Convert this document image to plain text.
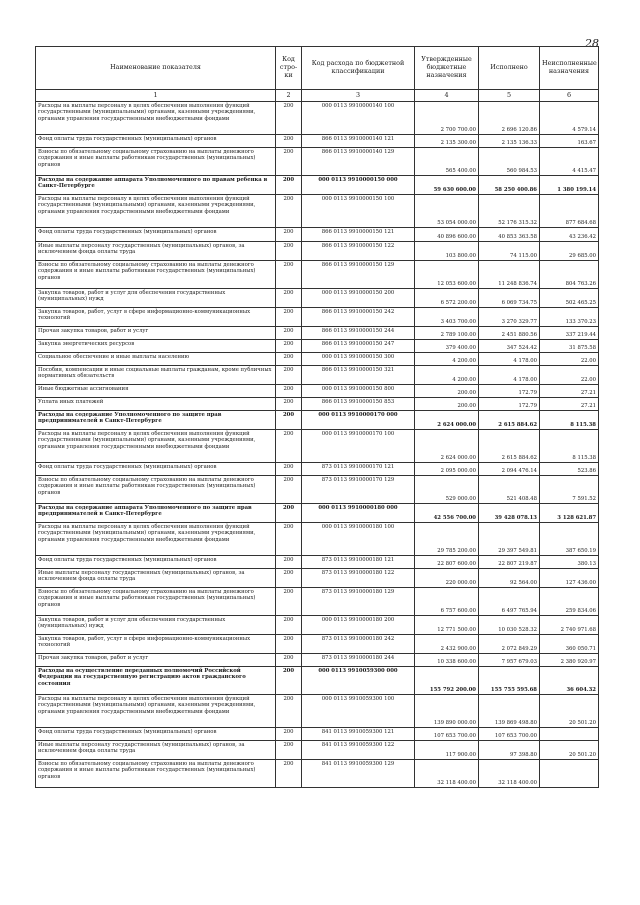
28
Наименование показателя	Код стро-ки	Код расхода по бюджетной классификации	Утвержденные бюджетные назначения	Исполнено	Неисполненные назначения
1	2	3	4	5	6
Расходы на выплаты персоналу в целях обеспечения выполнения функций государственными (муниципальными) органами, казенными учреждениями, органами управления государственными внебюджетными фондами	200	000 0113 9910000140 100	2 700 700.00	2 696 120.86	4 579.14
Фонд оплаты труда государственных (муниципальных) органов	200	866 0113 9910000140 121	2 135 300.00	2 135 136.33	163.67
Взносы по обязательному социальному страхованию на выплаты денежного содержания и иные выплаты работникам государственных (муниципальных) органов	200	866 0113 9910000140 129	565 400.00	560 984.53	4 415.47
Расходы на содержание аппарата Уполномоченного по правам ребенка в Санкт-Петербурге	200	000 0113 9910000150 000	59 630 600.00	58 250 400.86	1 380 199.14
Расходы на выплаты персоналу в целях обеспечения выполнения функций государственными (муниципальными) органами, казенными учреждениями, органами управления государственными внебюджетными фондами	200	000 0113 9910000150 100	53 054 000.00	52 176 315.32	877 684.68
Фонд оплаты труда государственных (муниципальных) органов	200	866 0113 9910000150 121	40 896 600.00	40 853 363.58	43 236.42
Иные выплаты персоналу государственных (муниципальных) органов, за исключением фонда оплаты труда	200	866 0113 9910000150 122	103 800.00	74 115.00	29 685.00
Взносы по обязательному социальному страхованию на выплаты денежного содержания и иные выплаты работникам государственных (муниципальных) органов	200	866 0113 9910000150 129	12 053 600.00	11 248 836.74	804 763.26
Закупка товаров, работ и услуг для обеспечения государственных (муниципальных) нужд	200	000 0113 9910000150 200	6 572 200.00	6 069 734.75	502 465.25
Закупка товаров, работ, услуг в сфере информационно-коммуникационных технологий	200	866 0113 9910000150 242	3 403 700.00	3 270 329.77	133 370.23
Прочая закупка товаров, работ и услуг	200	866 0113 9910000150 244	2 789 100.00	2 451 880.56	337 219.44
Закупка энергетических ресурсов	200	866 0113 9910000150 247	379 400.00	347 524.42	31 875.58
Социальное обеспечение и иные выплаты населению	200	000 0113 9910000150 300	4 200.00	4 178.00	22.00
Пособия, компенсации и иные социальные выплаты гражданам, кроме публичных нормативных обязательств	200	866 0113 9910000150 321	4 200.00	4 178.00	22.00
Иные бюджетные ассигнования	200	000 0113 9910000150 800	200.00	172.79	27.21
Уплата иных платежей	200	866 0113 9910000150 853	200.00	172.79	27.21
Расходы на содержание Уполномоченного по защите прав предпринимателей в Санкт-Петербурге	200	000 0113 9910000170 000	2 624 000.00	2 615 884.62	8 115.38
Расходы на выплаты персоналу в целях обеспечения выполнения функций государственными (муниципальными) органами, казенными учреждениями, органами управления государственными внебюджетными фондами	200	000 0113 9910000170 100	2 624 000.00	2 615 884.62	8 115.38
Фонд оплаты труда государственных (муниципальных) органов	200	873 0113 9910000170 121	2 095 000.00	2 094 476.14	523.86
Взносы по обязательному социальному страхованию на выплаты денежного содержания и иные выплаты работникам государственных (муниципальных) органов	200	873 0113 9910000170 129	529 000.00	521 408.48	7 591.52
Расходы на содержание аппарата Уполномоченного по защите прав предпринимателей в Санкт-Петербурге	200	000 0113 9910000180 000	42 556 700.00	39 428 078.13	3 128 621.87
Расходы на выплаты персоналу в целях обеспечения выполнения функций государственными (муниципальными) органами, казенными учреждениями, органами управления государственными внебюджетными фондами	200	000 0113 9910000180 100	29 785 200.00	29 397 549.81	387 650.19
Фонд оплаты труда государственных (муниципальных) органов	200	873 0113 9910000180 121	22 807 600.00	22 807 219.87	380.13
Иные выплаты персоналу государственных (муниципальных) органов, за исключением фонда оплаты труда	200	873 0113 9910000180 122	220 000.00	92 564.00	127 436.00
Взносы по обязательному социальному страхованию на выплаты денежного содержания и иные выплаты работникам государственных (муниципальных) органов	200	873 0113 9910000180 129	6 757 600.00	6 497 765.94	259 834.06
Закупка товаров, работ и услуг для обеспечения государственных (муниципальных) нужд	200	000 0113 9910000180 200	12 771 500.00	10 030 528.32	2 740 971.68
Закупка товаров, работ, услуг в сфере информационно-коммуникационных технологий	200	873 0113 9910000180 242	2 432 900.00	2 072 849.29	360 050.71
Прочая закупка товаров, работ и услуг	200	873 0113 9910000180 244	10 338 600.00	7 957 679.03	2 380 920.97
Расходы на осуществление переданных полномочий Российской Федерации на государственную регистрацию актов гражданского состояния	200	000 0113 9910059300 000	155 792 200.00	155 755 595.68	36 604.32
Расходы на выплаты персоналу в целях обеспечения выполнения функций государственными (муниципальными) органами, казенными учреждениями, органами управления государственными внебюджетными фондами	200	000 0113 9910059300 100	139 890 000.00	139 869 498.80	20 501.20
Фонд оплаты труда государственных (муниципальных) органов	200	841 0113 9910059300 121	107 653 700.00	107 653 700.00	
Иные выплаты персоналу государственных (муниципальных) органов, за исключением фонда оплаты труда	200	841 0113 9910059300 122	117 900.00	97 398.80	20 501.20
Взносы по обязательному социальному страхованию на выплаты денежного содержания и иные выплаты работникам государственных (муниципальных) органов	200	841 0113 9910059300 129	32 118 400.00	32 118 400.00	
